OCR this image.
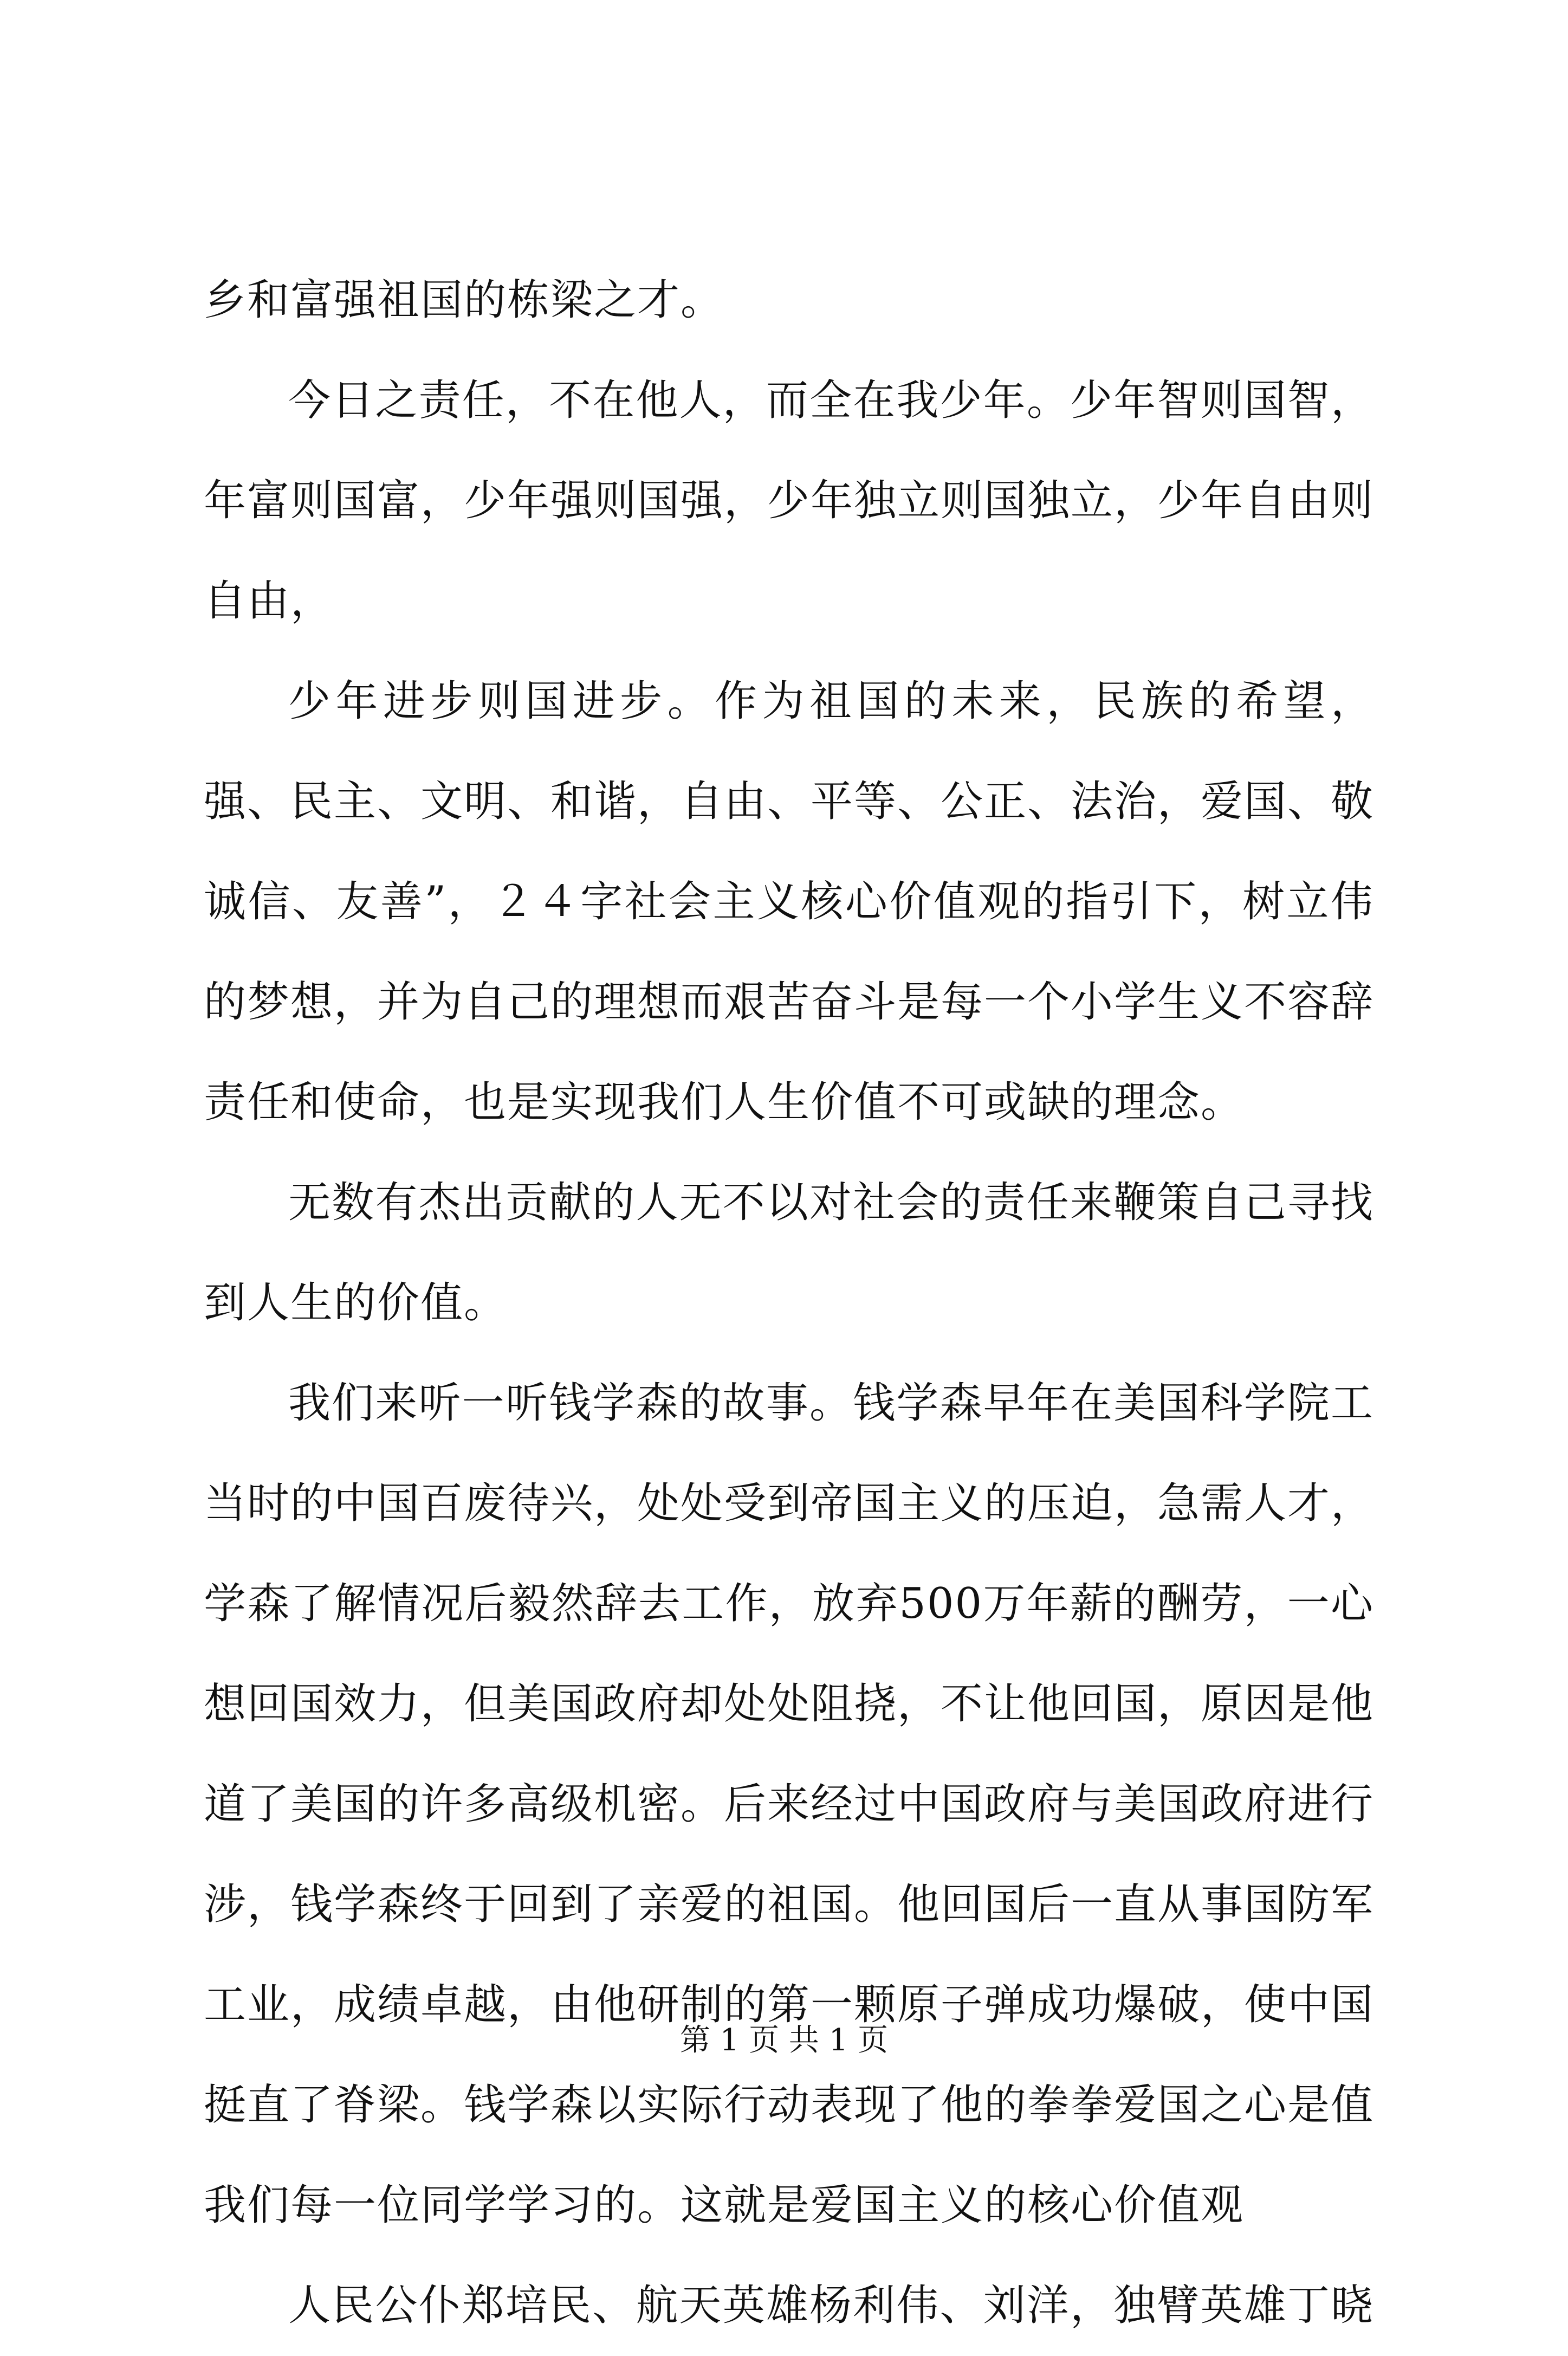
乡和富强祖国的栋梁之才。

今日之责任，不在他人，而全在我少年。少年智则国智，

年富则国富，少年强则国强，少年独立则国独立，少年自由则

自由，

少年进步则国进步。作为祖国的未来，民族的希望，

强、民主、文明、和谐，自由、平等、公正、法治，爱国、敬

诚信、友善”，２４字社会主义核心价值观的指引下，树立伟

的梦想，并为自己的理想而艰苦奋斗是每一个小学生义不容辞

责任和使命，也是实现我们人生价值不可或缺的理念。

无数有杰出贡献的人无不以对社会的责任来鞭策自己寻找

到人生的价值。

我们来听一听钱学森的故事。钱学森早年在美国科学院工

当时的中国百废待兴，处处受到帝国主义的压迫，急需人才，

学森了解情况后毅然辞去工作，放弃500万年薪的酬劳，一心

想回国效力，但美国政府却处处阻挠，不让他回国，原因是他

道了美国的许多高级机密。后来经过中国政府与美国政府进行

涉，钱学森终于回到了亲爱的祖国。他回国后一直从事国防军

工业，成绩卓越，由他研制的第一颗原子弹成功爆破，使中国

挺直了脊梁。钱学森以实际行动表现了他的拳拳爱国之心是值

我们每一位同学学习的。这就是爱国主义的核心价值观

人民公仆郑培民、航天英雄杨利伟、刘洋，独臂英雄丁晓

第 1 页 共 1 页
